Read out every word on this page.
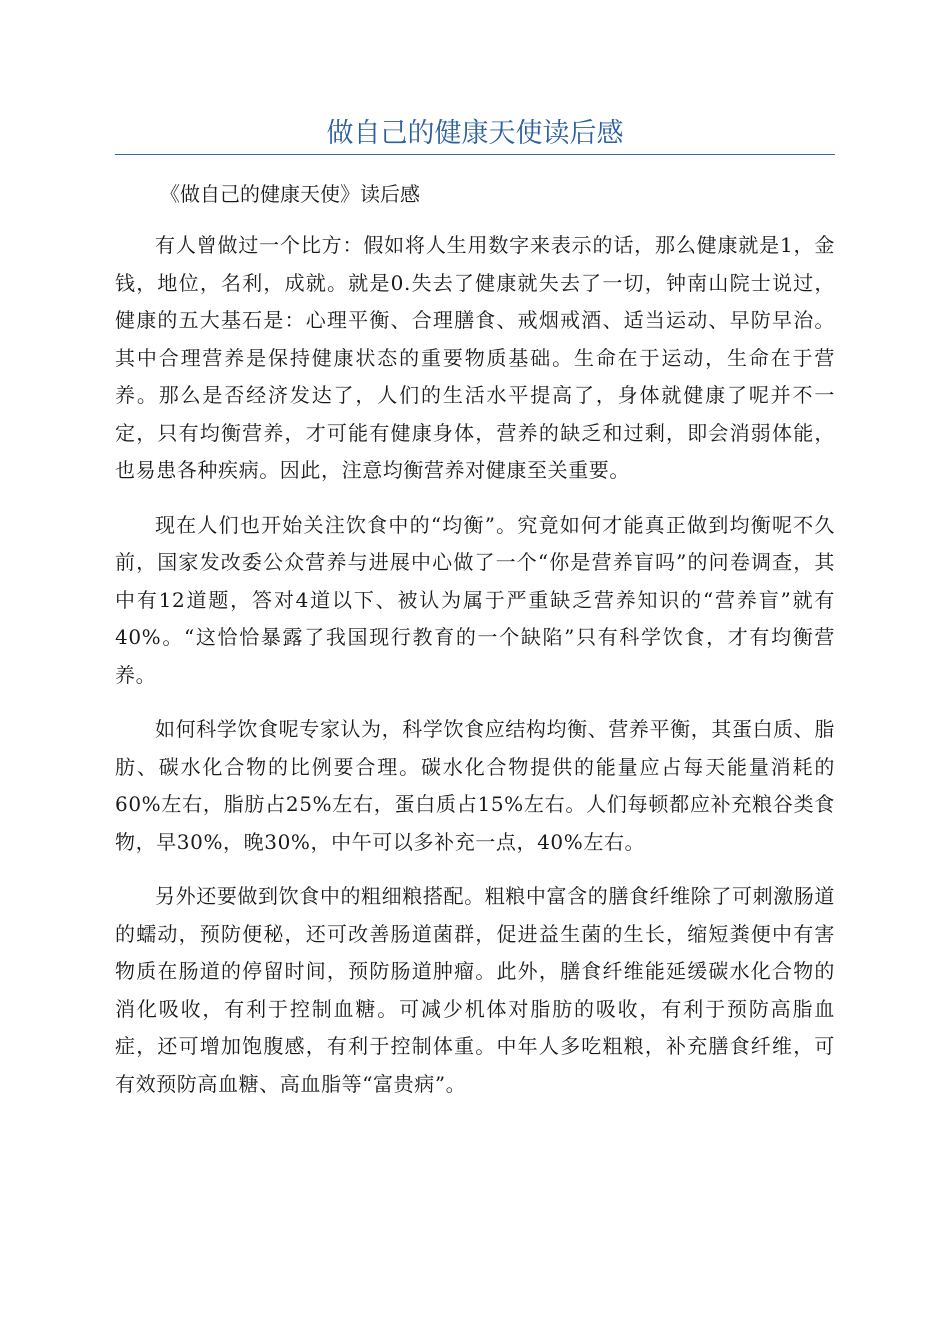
做自己的健康天使读后感

《做自己的健康天使》读后感

有人曾做过一个比方：假如将人生用数字来表示的话，那么健康就是1，金钱，地位，名利，成就。就是0.失去了健康就失去了一切，钟南山院士说过，健康的五大基石是：心理平衡、合理膳食、戒烟戒酒、适当运动、早防早治。其中合理营养是保持健康状态的重要物质基础。生命在于运动，生命在于营养。那么是否经济发达了，人们的生活水平提高了，身体就健康了呢并不一定，只有均衡营养，才可能有健康身体，营养的缺乏和过剩，即会消弱体能，也易患各种疾病。因此，注意均衡营养对健康至关重要。

现在人们也开始关注饮食中的“均衡”。究竟如何才能真正做到均衡呢不久前，国家发改委公众营养与进展中心做了一个“你是营养盲吗”的问卷调查，其中有12道题，答对4道以下、被认为属于严重缺乏营养知识的“营养盲”就有40%。“这恰恰暴露了我国现行教育的一个缺陷”只有科学饮食，才有均衡营养。

如何科学饮食呢专家认为，科学饮食应结构均衡、营养平衡，其蛋白质、脂肪、碳水化合物的比例要合理。碳水化合物提供的能量应占每天能量消耗的60%左右，脂肪占25%左右，蛋白质占15%左右。人们每顿都应补充粮谷类食物，早30%，晚30%，中午可以多补充一点，40%左右。

另外还要做到饮食中的粗细粮搭配。粗粮中富含的膳食纤维除了可刺激肠道的蠕动，预防便秘，还可改善肠道菌群，促进益生菌的生长，缩短粪便中有害物质在肠道的停留时间，预防肠道肿瘤。此外，膳食纤维能延缓碳水化合物的消化吸收，有利于控制血糖。可减少机体对脂肪的吸收，有利于预防高脂血症，还可增加饱腹感，有利于控制体重。中年人多吃粗粮，补充膳食纤维，可有效预防高血糖、高血脂等“富贵病”。
